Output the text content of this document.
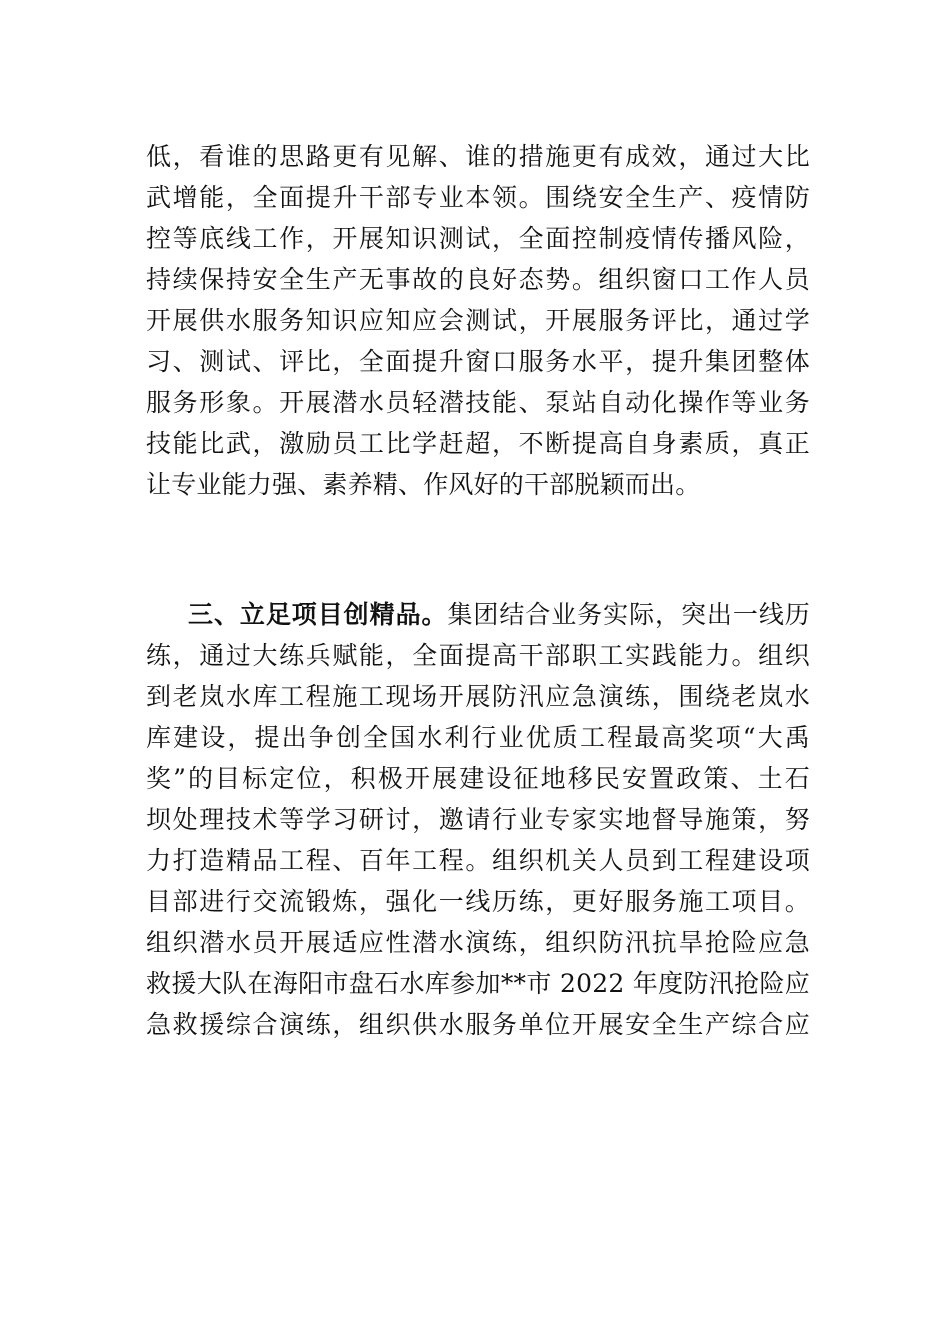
低，看谁的思路更有见解、谁的措施更有成效，通过大比
武增能，全面提升干部专业本领。围绕安全生产、疫情防
控等底线工作，开展知识测试，全面控制疫情传播风险，
持续保持安全生产无事故的良好态势。组织窗口工作人员
开展供水服务知识应知应会测试，开展服务评比，通过学
习、测试、评比，全面提升窗口服务水平，提升集团整体
服务形象。开展潜水员轻潜技能、泵站自动化操作等业务
技能比武，激励员工比学赶超，不断提高自身素质，真正
让专业能力强、素养精、作风好的干部脱颖而出。
三、立足项目创精品。集团结合业务实际，突出一线历
练，通过大练兵赋能，全面提高干部职工实践能力。组织
到老岚水库工程施工现场开展防汛应急演练，围绕老岚水
库建设，提出争创全国水利行业优质工程最高奖项“大禹
奖”的目标定位，积极开展建设征地移民安置政策、土石
坝处理技术等学习研讨，邀请行业专家实地督导施策，努
力打造精品工程、百年工程。组织机关人员到工程建设项
目部进行交流锻炼，强化一线历练，更好服务施工项目。
组织潜水员开展适应性潜水演练，组织防汛抗旱抢险应急
救援大队在海阳市盘石水库参加**市 2022 年度防汛抢险应
急救援综合演练，组织供水服务单位开展安全生产综合应
